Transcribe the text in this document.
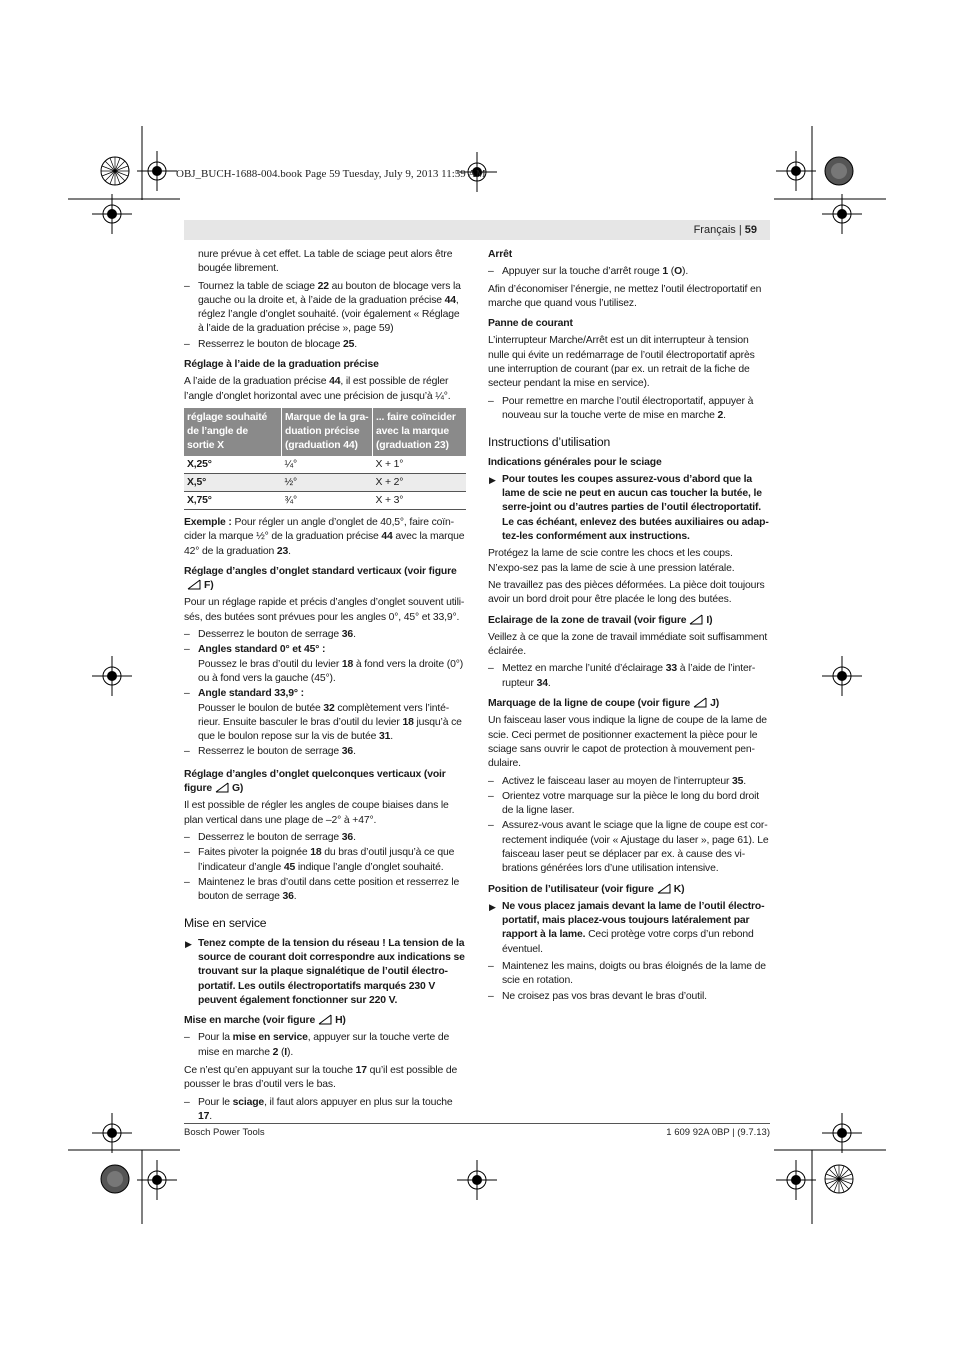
OBJ_BUCH-1688-004.book Page 59 Tuesday, July 9, 2013 11:59 AM
Français | 59

nure prévue à cet effet. La table de sciage peut alors être bougée librement.

– Tournez la table de sciage 22 au bouton de blocage vers la gauche ou la droite et, à l’aide de la graduation précise 44, réglez l’angle d’onglet souhaité. (voir également « Réglage à l’aide de la graduation précise », page 59)
– Resserrez le bouton de blocage 25.
Réglage à l’aide de la graduation précise

A l’aide de la graduation précise 44, il est possible de régler l’angle d’onglet horizontal avec une précision de jusqu’à ¼°.

réglage souhaité de l’angle de sortie X	Marque de la gra-duation précise (graduation 44)	... faire coïncider avec la marque (graduation 23)
X,25°	¼°	X + 1°
X,5°	½°	X + 2°
X,75°	¾°	X + 3°

Exemple : Pour régler un angle d’onglet de 40,5°, faire coïn-cider la marque ½° de la graduation précise 44 avec la marque 42° de la graduation 23.

Réglage d’angles d’onglet standard verticaux (voir figureF)

Pour un réglage rapide et précis d’angles d’onglet souvent utili-sés, des butées sont prévues pour les angles 0°, 45° et 33,9°.

– Desserrez le bouton de serrage 36.
– Angles standard 0° et 45° :
Poussez le bras d’outil du levier 18 à fond vers la droite (0°) ou à fond vers la gauche (45°).
– Angle standard 33,9° :
Pousser le boulon de butée 32 complètement vers l’inté-rieur. Ensuite basculer le bras d’outil du levier 18 jusqu’à ce que le boulon repose sur la vis de butée 31.
– Resserrez le bouton de serrage 36.
Réglage d’angles d’onglet quelconques verticaux (voir figure G)

Il est possible de régler les angles de coupe biaises dans le plan vertical dans une plage de –2° à +47°.

– Desserrez le bouton de serrage 36.
– Faites pivoter la poignée 18 du bras d’outil jusqu’à ce que l’indicateur d’angle 45 indique l’angle d’onglet souhaité.
– Maintenez le bras d’outil dans cette position et resserrez le bouton de serrage 36.
Mise en service
▶ Tenez compte de la tension du réseau ! La tension de la source de courant doit correspondre aux indications se trouvant sur la plaque signalétique de l’outil électro-portatif. Les outils électroportatifs marqués 230 V peuvent également fonctionner sur 220 V.
Mise en marche (voir figure H)
– Pour la mise en service, appuyer sur la touche verte de mise en marche 2 (I).

Ce n’est qu’en appuyant sur la touche 17 qu’il est possible de pousser le bras d’outil vers le bas.

– Pour le sciage, il faut alors appuyer en plus sur la touche 17.
Arrêt
– Appuyer sur la touche d’arrêt rouge 1 (O).

Afin d’économiser l’énergie, ne mettez l’outil électroportatif en marche que quand vous l’utilisez.

Panne de courant

L’interrupteur Marche/Arrêt est un dit interrupteur à tension nulle qui évite un redémarrage de l’outil électroportatif après une interruption de courant (par ex. un retrait de la fiche de secteur pendant la mise en service).

– Pour remettre en marche l’outil électroportatif, appuyer à nouveau sur la touche verte de mise en marche 2.
Instructions d’utilisation
Indications générales pour le sciage
▶ Pour toutes les coupes assurez-vous d’abord que la lame de scie ne peut en aucun cas toucher la butée, le serre-joint ou d’autres parties de l’outil électroportatif. Le cas échéant, enlevez des butées auxiliaires ou adap-tez-les conformément aux instructions.

Protégez la lame de scie contre les chocs et les coups. N’expo-sez pas la lame de scie à une pression latérale.

Ne travaillez pas des pièces déformées. La pièce doit toujours avoir un bord droit pour être placée le long des butées.

Eclairage de la zone de travail (voir figure I)

Veillez à ce que la zone de travail immédiate soit suffisamment éclairée.

– Mettez en marche l’unité d’éclairage 33 à l’aide de l’inter-rupteur 34.
Marquage de la ligne de coupe (voir figure J)

Un faisceau laser vous indique la ligne de coupe de la lame de scie. Ceci permet de positionner exactement la pièce pour le sciage sans ouvrir le capot de protection à mouvement pen-dulaire.

– Activez le faisceau laser au moyen de l’interrupteur 35.
– Orientez votre marquage sur la pièce le long du bord droit de la ligne laser.
– Assurez-vous avant le sciage que la ligne de coupe est cor-rectement indiquée (voir « Ajustage du laser », page 61). Le faisceau laser peut se déplacer par ex. à cause des vi-brations générées lors d’une utilisation intensive.
Position de l’utilisateur (voir figure K)
▶ Ne vous placez jamais devant la lame de l’outil électro-portatif, mais placez-vous toujours latéralement par rapport à la lame. Ceci protège votre corps d’un rebond éventuel.
– Maintenez les mains, doigts ou bras éloignés de la lame de scie en rotation.
– Ne croisez pas vos bras devant le bras d’outil.
Bosch Power Tools	1 609 92A 0BP | (9.7.13)
